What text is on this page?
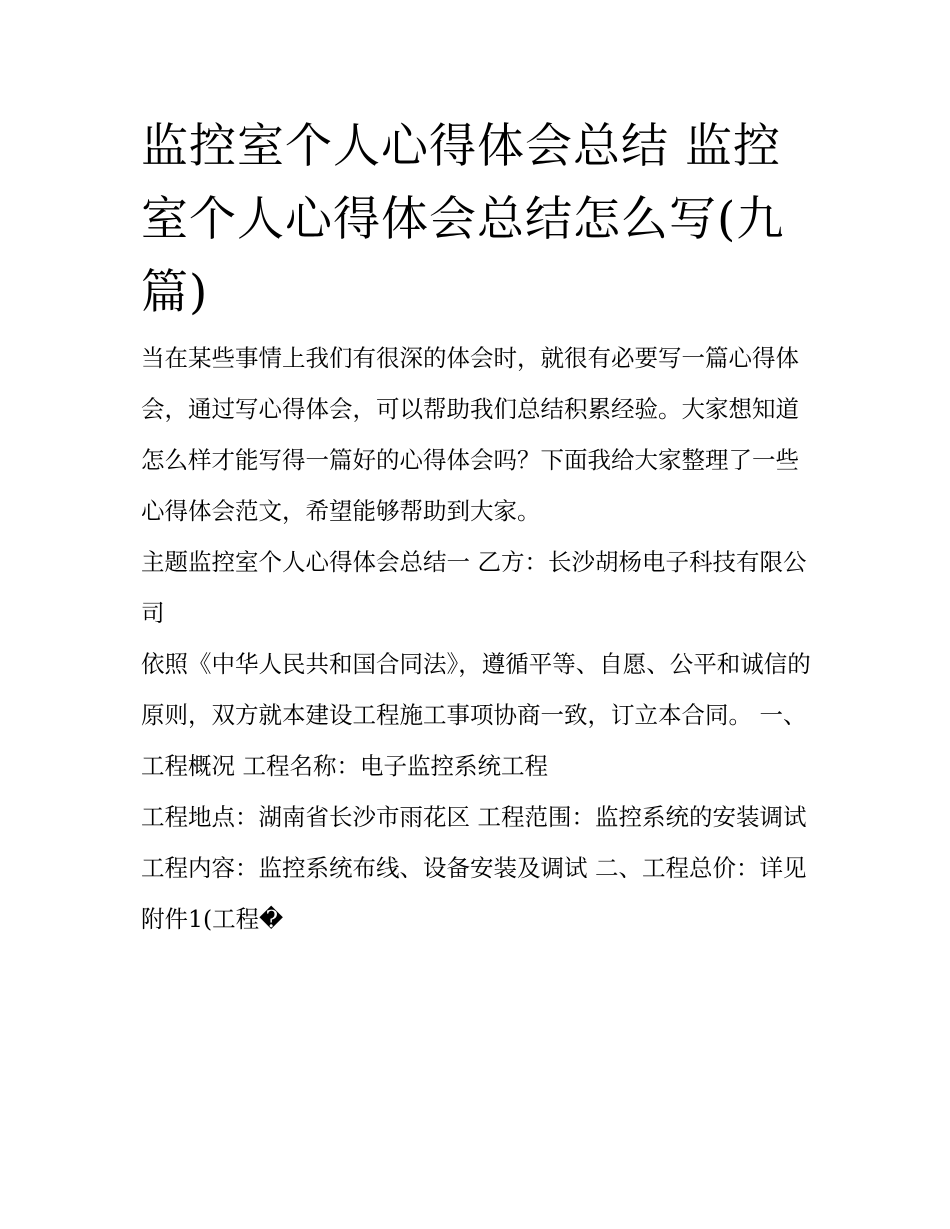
监控室个人心得体会总结 监控室个人心得体会总结怎么写(九篇)

当在某些事情上我们有很深的体会时，就很有必要写一篇心得体会，通过写心得体会，可以帮助我们总结积累经验。大家想知道怎么样才能写得一篇好的心得体会吗？下面我给大家整理了一些心得体会范文，希望能够帮助到大家。

主题监控室个人心得体会总结一 乙方：长沙胡杨电子科技有限公司

依照《中华人民共和国合同法》，遵循平等、自愿、公平和诚信的原则，双方就本建设工程施工事项协商一致，订立本合同。 一、工程概况 工程名称：电子监控系统工程

工程地点：湖南省长沙市雨花区 工程范围：监控系统的安装调试 工程内容：监控系统布线、设备安装及调试 二、工程总价：详见附件1(工程�
